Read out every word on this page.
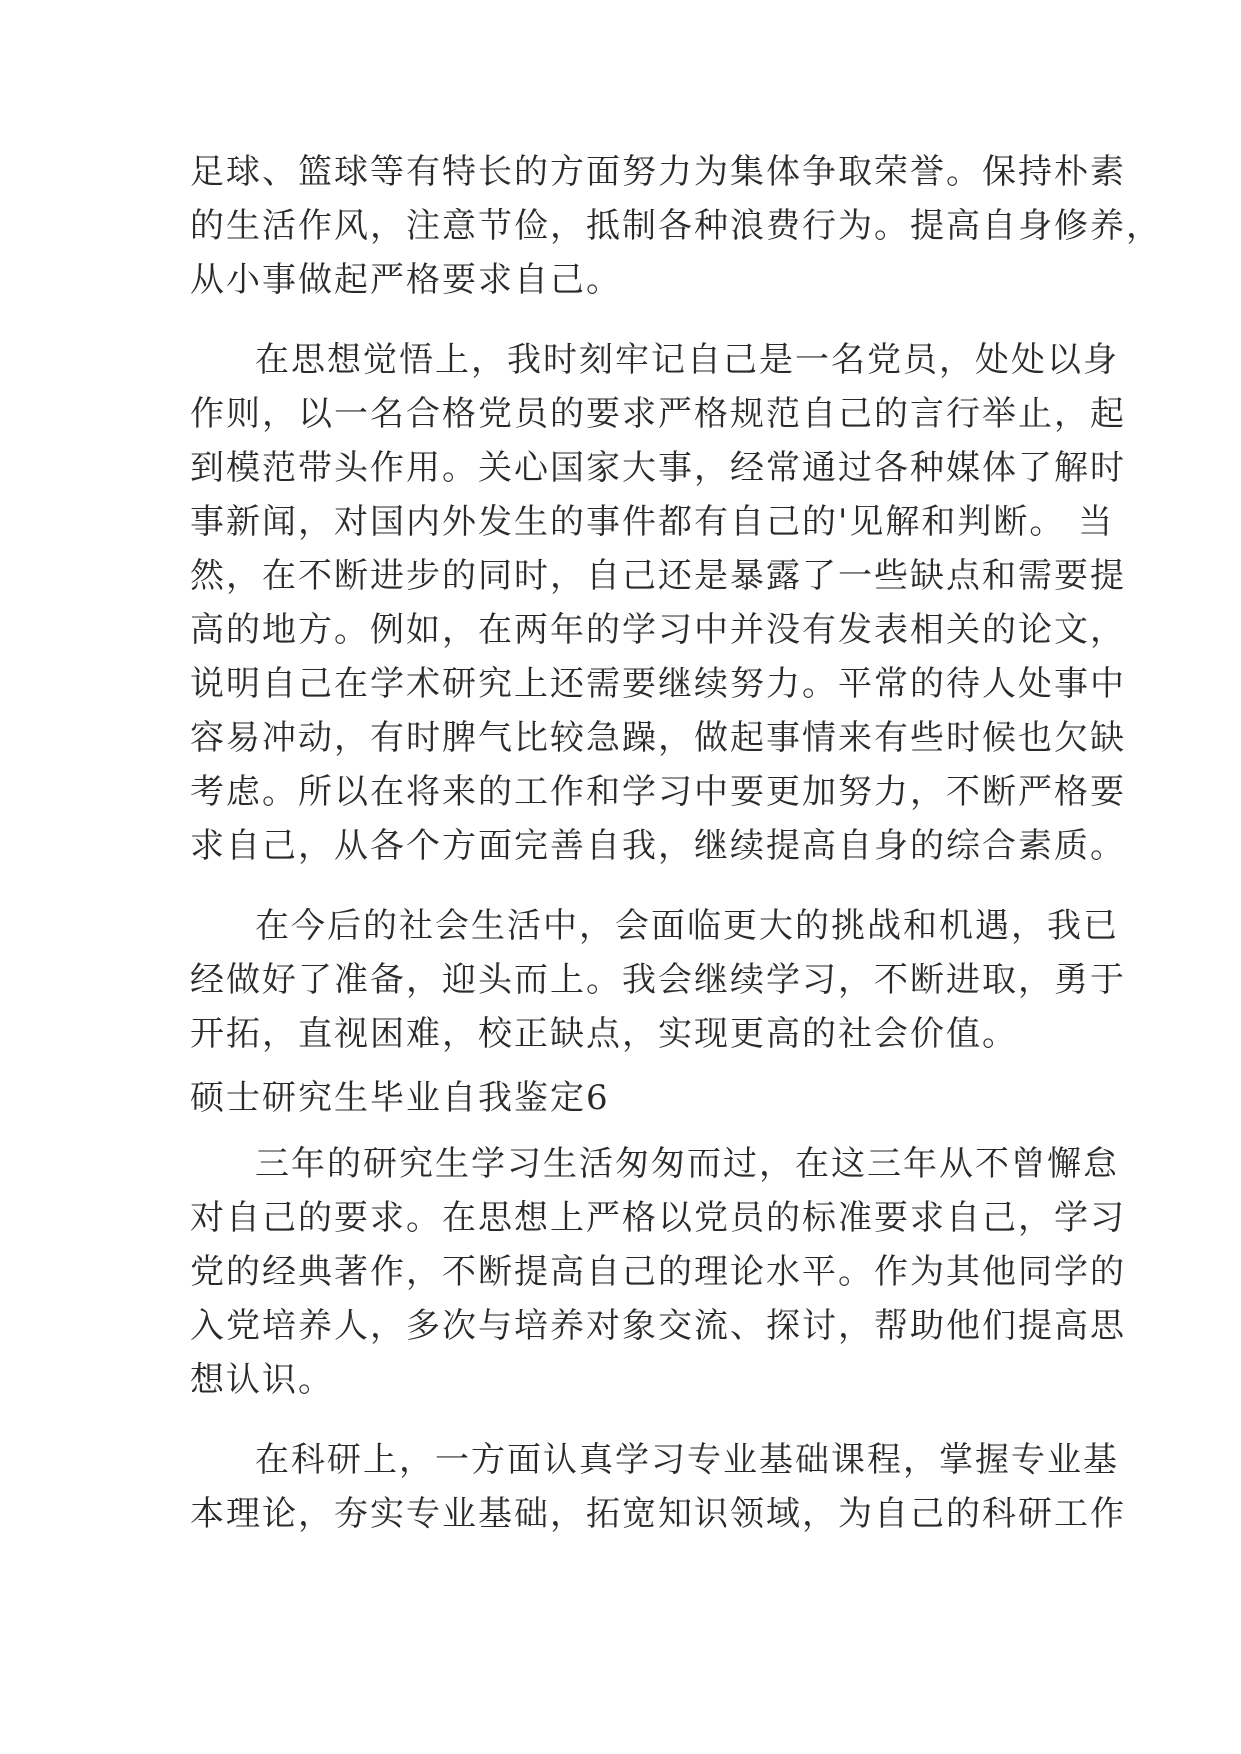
足球、篮球等有特长的方面努力为集体争取荣誉。保持朴素
的生活作风，注意节俭，抵制各种浪费行为。提高自身修养，
从小事做起严格要求自己。
在思想觉悟上，我时刻牢记自己是一名党员，处处以身
作则，以一名合格党员的要求严格规范自己的言行举止，起
到模范带头作用。关心国家大事，经常通过各种媒体了解时
事新闻，对国内外发生的事件都有自己的'见解和判断。 当
然，在不断进步的同时，自己还是暴露了一些缺点和需要提
高的地方。例如，在两年的学习中并没有发表相关的论文，
说明自己在学术研究上还需要继续努力。平常的待人处事中
容易冲动，有时脾气比较急躁，做起事情来有些时候也欠缺
考虑。所以在将来的工作和学习中要更加努力，不断严格要
求自己，从各个方面完善自我，继续提高自身的综合素质。
在今后的社会生活中，会面临更大的挑战和机遇，我已
经做好了准备，迎头而上。我会继续学习，不断进取，勇于
开拓，直视困难，校正缺点，实现更高的社会价值。
硕士研究生毕业自我鉴定6
三年的研究生学习生活匆匆而过，在这三年从不曾懈怠
对自己的要求。在思想上严格以党员的标准要求自己，学习
党的经典著作，不断提高自己的理论水平。作为其他同学的
入党培养人，多次与培养对象交流、探讨，帮助他们提高思
想认识。
在科研上，一方面认真学习专业基础课程，掌握专业基
本理论，夯实专业基础，拓宽知识领域，为自己的科研工作
